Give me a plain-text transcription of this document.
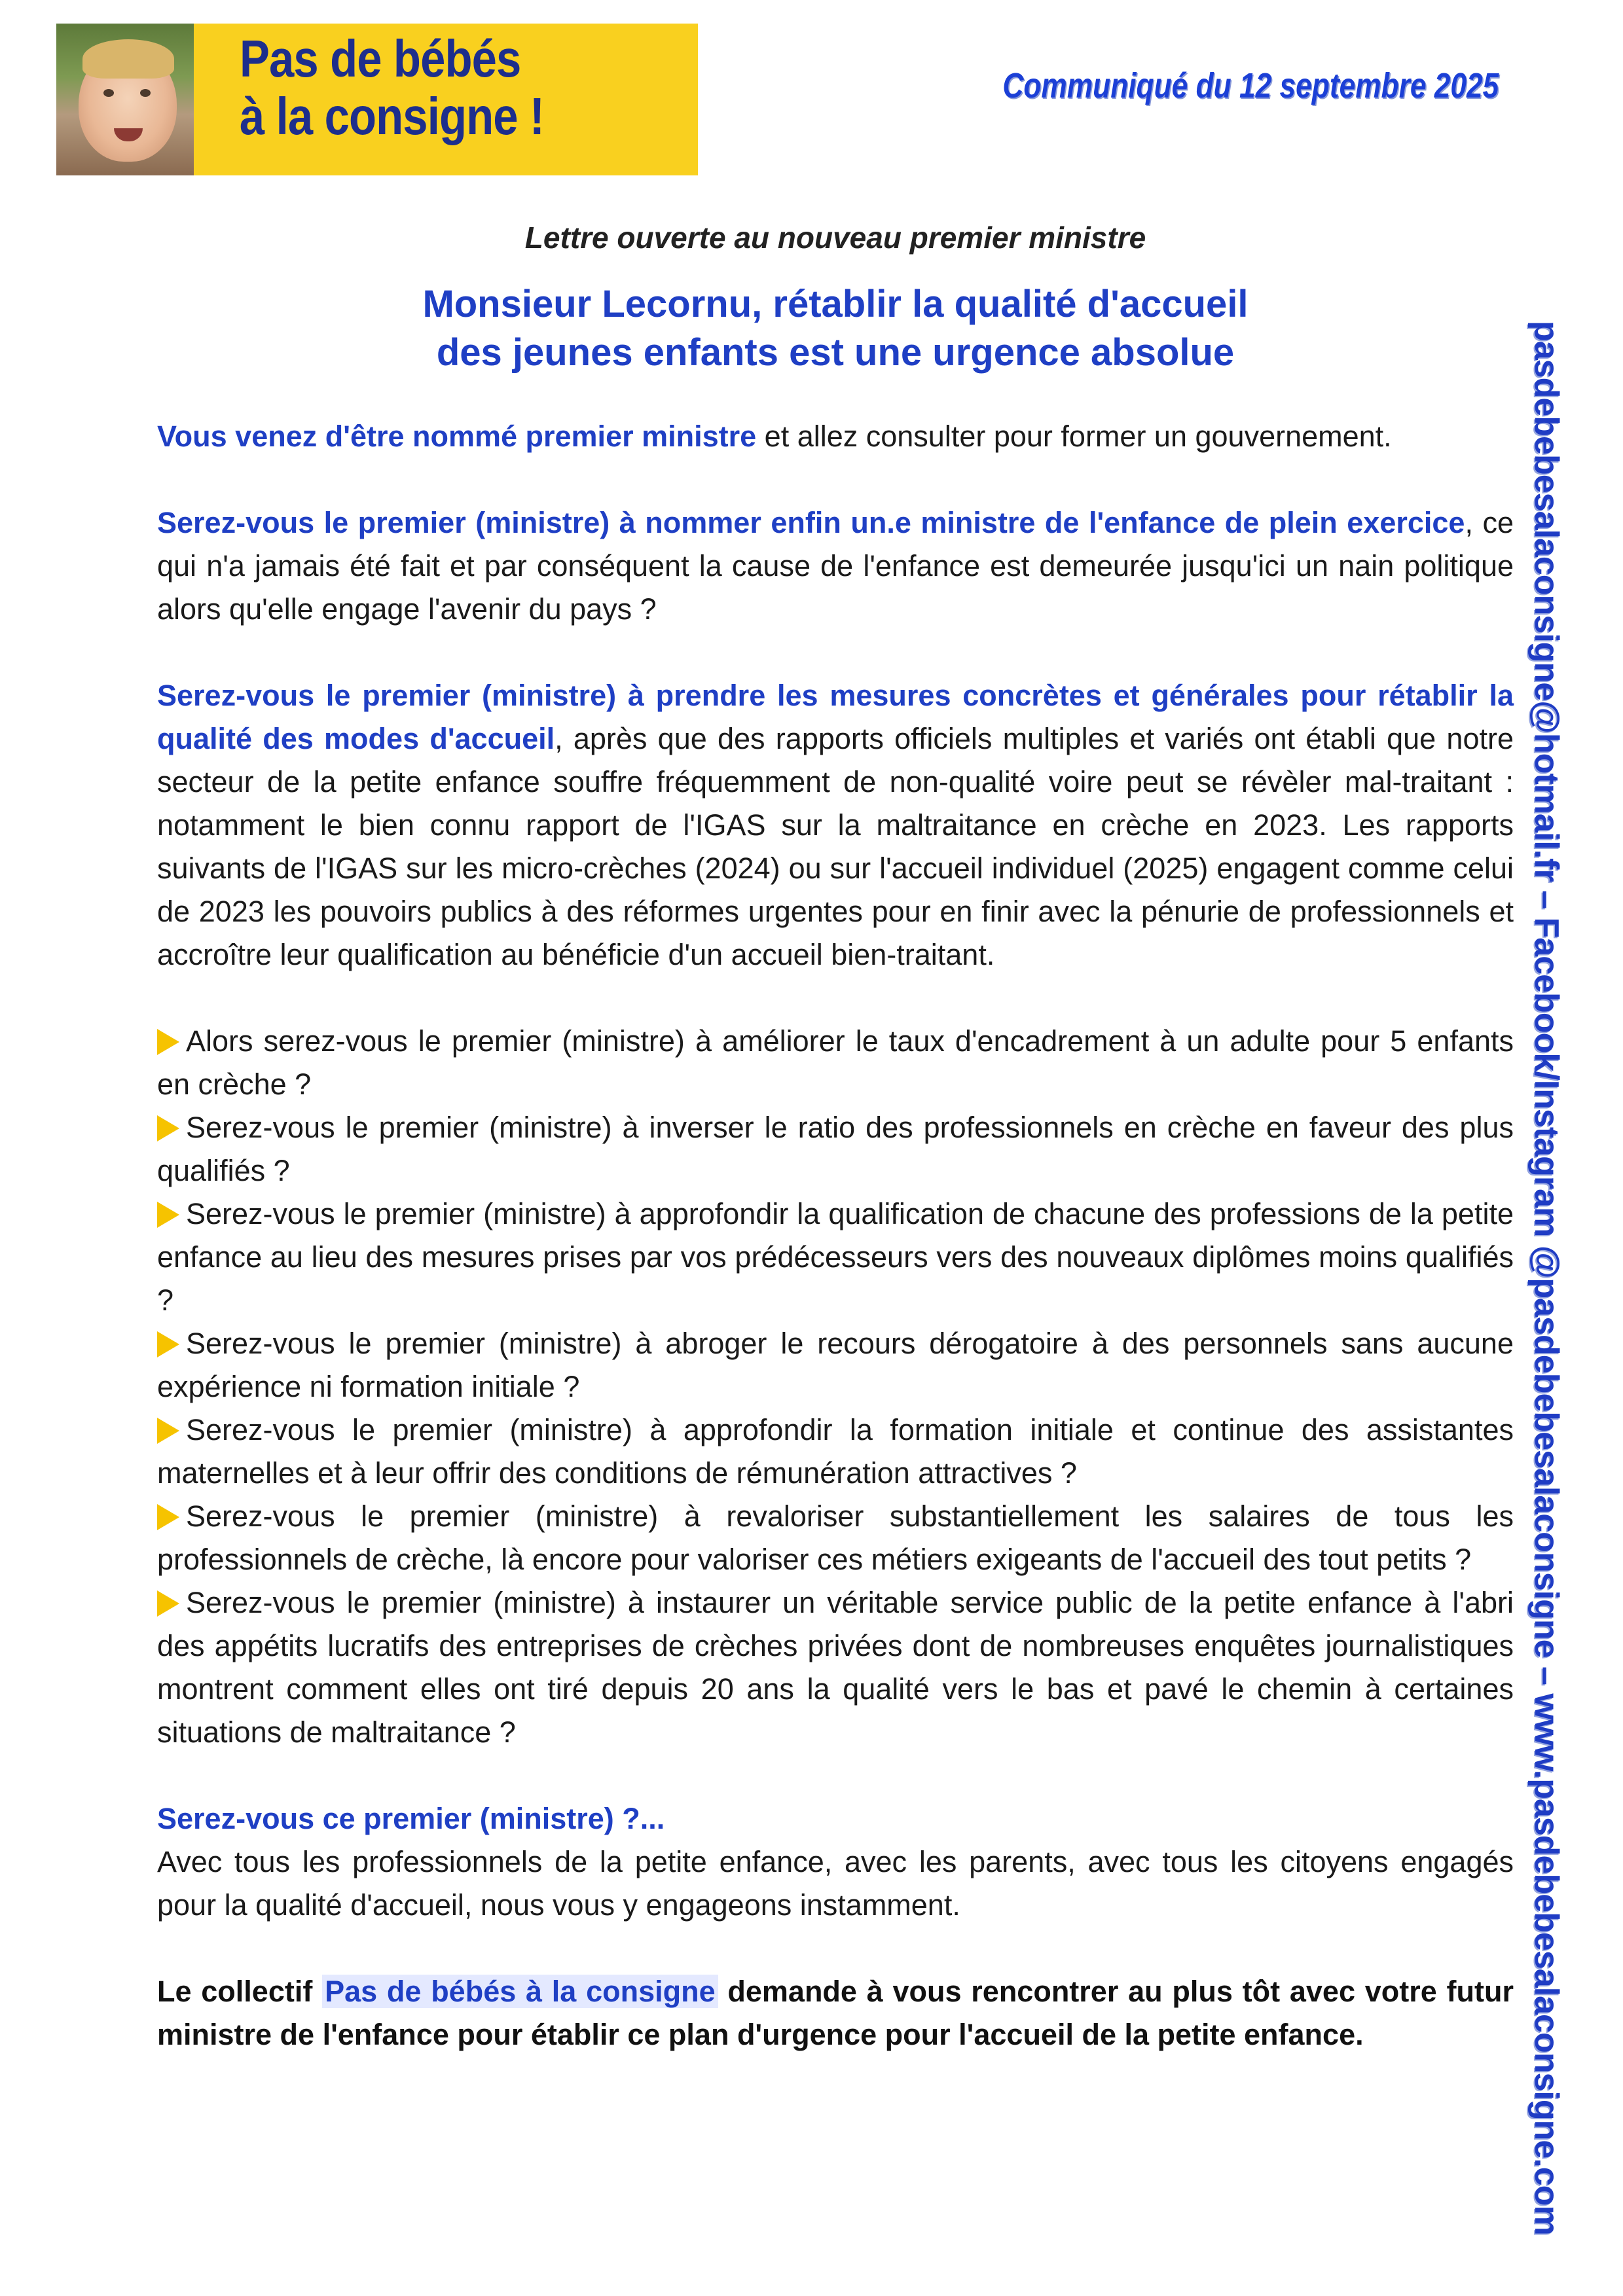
Pas de bébés
à la consigne !
Communiqué du 12 septembre 2025
pasdebebesalaconsigne@hotmail.fr – Facebook/Instagram @pasdebebesalaconsigne – www.pasdebebesalaconsigne.com

Lettre ouverte au nouveau premier ministre

Monsieur Lecornu, rétablir la qualité d'accueil
des jeunes enfants est une urgence absolue

Vous venez d'être nommé premier ministre et allez consulter pour former un gouvernement.

Serez-vous le premier (ministre) à nommer enfin un.e ministre de l'enfance de plein exercice, ce qui n'a jamais été fait et par conséquent la cause de l'enfance est demeurée jusqu'ici un nain politique alors qu'elle engage l'avenir du pays ?

Serez-vous le premier (ministre) à prendre les mesures concrètes et générales pour rétablir la qualité des modes d'accueil, après que des rapports officiels multiples et variés ont établi que notre secteur de la petite enfance souffre fréquemment de non-qualité voire peut se révèler mal-traitant : notamment le bien connu rapport de l'IGAS sur la maltraitance en crèche en 2023. Les rapports suivants de l'IGAS sur les micro-crèches (2024) ou sur l'accueil individuel (2025) engagent comme celui de 2023 les pouvoirs publics à des réformes urgentes pour en finir avec la pénurie de professionnels et accroître leur qualification au bénéficie d'un accueil bien-traitant.

Alors serez-vous le premier (ministre) à améliorer le taux d'encadrement à un adulte pour 5 enfants en crèche ?

Serez-vous le premier (ministre) à inverser le ratio des professionnels en crèche en faveur des plus qualifiés ?

Serez-vous le premier (ministre) à approfondir la qualification de chacune des professions de la petite enfance au lieu des mesures prises par vos prédécesseurs vers des nouveaux diplômes moins qualifiés ?

Serez-vous le premier (ministre) à abroger le recours dérogatoire à des personnels sans aucune expérience ni formation initiale ?

Serez-vous le premier (ministre) à approfondir la formation initiale et continue des assistantes maternelles et à leur offrir des conditions de rémunération attractives ?

Serez-vous le premier (ministre) à revaloriser substantiellement les salaires de tous les professionnels de crèche, là encore pour valoriser ces métiers exigeants de l'accueil des tout petits ?

Serez-vous le premier (ministre) à instaurer un véritable service public de la petite enfance à l'abri des appétits lucratifs des entreprises de crèches privées dont de nombreuses enquêtes journalistiques montrent comment elles ont tiré depuis 20 ans la qualité vers le bas et pavé le chemin à certaines situations de maltraitance ?

Serez-vous ce premier (ministre) ?...

Avec tous les professionnels de la petite enfance, avec les parents, avec tous les citoyens engagés pour la qualité d'accueil, nous vous y engageons instamment.

Le collectif Pas de bébés à la consigne demande à vous rencontrer au plus tôt avec votre futur ministre de l'enfance pour établir ce plan d'urgence pour l'accueil de la petite enfance.
